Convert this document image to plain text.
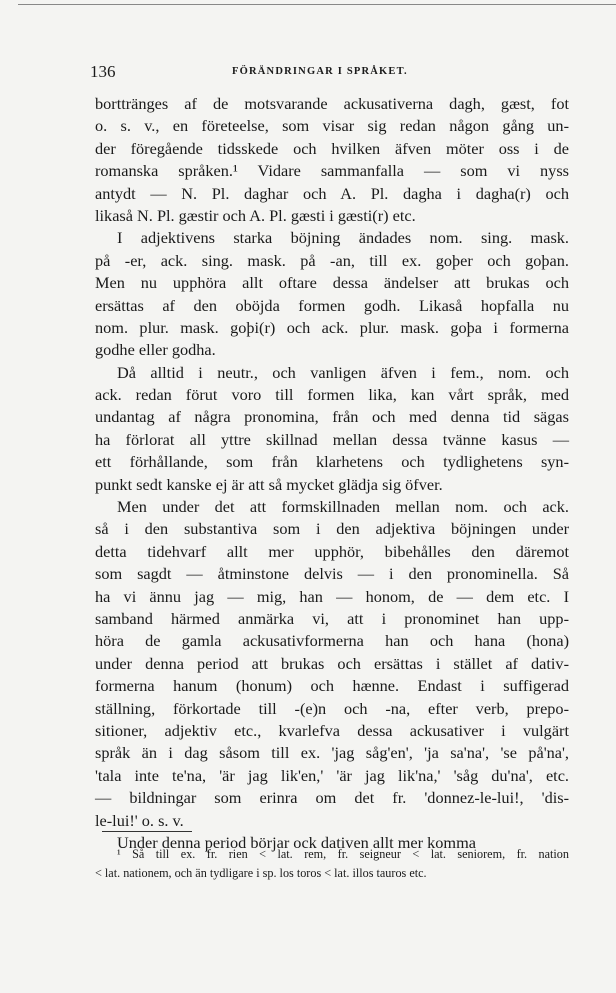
136	FÖRÄNDRINGAR I SPRÅKET.
borttränges af de motsvarande ackusativerna dagh, gæst, fot
o. s. v., en företeelse, som visar sig redan någon gång un-
der föregående tidsskede och hvilken äfven möter oss i de
romanska språken.¹ Vidare sammanfalla — som vi nyss
antydt — N. Pl. daghar och A. Pl. dagha i dagha(r) och
likaså N. Pl. gæstir och A. Pl. gæsti i gæsti(r) etc.
I adjektivens starka böjning ändades nom. sing. mask.
på -er, ack. sing. mask. på -an, till ex. goþer och goþan.
Men nu upphöra allt oftare dessa ändelser att brukas och
ersättas af den oböjda formen godh. Likaså hopfalla nu
nom. plur. mask. goþi(r) och ack. plur. mask. goþa i formerna
godhe eller godha.
Då alltid i neutr., och vanligen äfven i fem., nom. och
ack. redan förut voro till formen lika, kan vårt språk, med
undantag af några pronomina, från och med denna tid sägas
ha förlorat all yttre skillnad mellan dessa tvänne kasus —
ett förhållande, som från klarhetens och tydlighetens syn-
punkt sedt kanske ej är att så mycket glädja sig öfver.
Men under det att formskillnaden mellan nom. och ack.
så i den substantiva som i den adjektiva böjningen under
detta tidehvarf allt mer upphör, bibehålles den däremot
som sagdt — åtminstone delvis — i den pronominella. Så
ha vi ännu jag — mig, han — honom, de — dem etc. I
samband härmed anmärka vi, att i pronominet han upp-
höra de gamla ackusativformerna han och hana (hona)
under denna period att brukas och ersättas i stället af dativ-
formerna hanum (honum) och hænne. Endast i suffigerad
ställning, förkortade till -(e)n och -na, efter verb, prepo-
sitioner, adjektiv etc., kvarlefva dessa ackusativer i vulgärt
språk än i dag såsom till ex. 'jag såg'en', 'ja sa'na', 'se på'na',
'tala inte te'na, 'är jag lik'en,' 'är jag lik'na,' 'såg du'na', etc.
— bildningar som erinra om det fr. 'donnez-le-lui!, 'dis-
le-lui!' o. s. v.
Under denna period börjar ock dativen allt mer komma
¹ Så till ex. fr. rien < lat. rem, fr. seigneur < lat. seniorem, fr. nation
< lat. nationem, och än tydligare i sp. los toros < lat. illos tauros etc.
